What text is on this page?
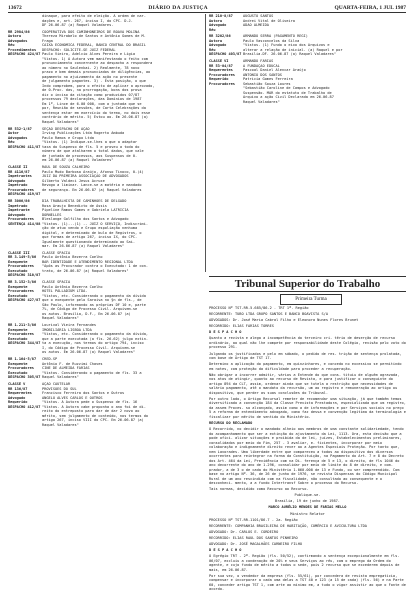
13672	DIÁRIO DA JUSTIÇA	QUARTA-FEIRA, 1 JUL 1987
dinaque, para efeito de eleição. A ordem de nar-
dações e, art. 267, inciso I, do CPC. D.J.
DF 26.06.87 (a) Raquel Valadares.
RR 2984/86
Autora
Advogados
Réu
Procedimentos
DESPACHO 424/87
COOPERATIVA DOS CAMINHONEIROS DE BOAVA MOLINA
Thereza Mirabelo de Santos e Antônio Gomes de M.
Fraga
CAIXA ECONÔMICA FEDERAL, BANCO CENTRAL DO BRASIL
DESPACHO: SOLICITE-SE JUIZ FEDERAL
Paulo Vieira, Adelcio Alves Pereira e Lígia
"Vistos. 1) A Autora vem manifestando o feito com
pronunciamento concernente ao despacho a respondera
ao número no Saulenkai. 2) Realmente, 78 novo
prazo e bem demais pronunciados de diligências, ao
pagamento no ajuizamento da ação no presente
de julgamento pagantes. 3) - Esta posição, o que
Indo comprobem, para o efeito de aplicar a aprovado,
de 0-Proc. das, na prorrogação, bons dos prova
diz o inciso da citação como produzidos 07/87
processos 79 declarações, das Domínios de 1987
Em 1º, Lince de 6.00 000, com a juntada que se
por, Reunião de sessões, de Carta Celebrações da
sentença estar em exercício do termo, no dois esse
contrário de mérito. 5) Estou ao. Em 26.06.87 (a)
Raquel Valadares"
RR 532-1/87
Autor
Advogados
Réu
DESPACHO 411/87
SEÇÃO DESPACHO DE AÇÃO
Irving Publicações Ltda Rogerto Ambuda
Paulo Ramos e Grupo Ltda
"Vistos. (1) Indique-se-lhes a que a adaptar
taxa do Suspenso de fls. 5 e proveu a toda do
número de que atalharem o total dados, que vale
de juntada de processos, aos Suspensos de 0.
em 26.06.87 (a) Raquel Valadares"
CLASSE II
RR 4116/87
Impetrantes
Advogado
Impetrado
Procuradores
DESPACHO 419/87
RAUL DE SOUZA CALHEIRO
Paulo Mudo Barbosa Araújo, Afonso Tinoco, 0-(4)
JUIZ DA PRIMEIRA ASSOCIAÇÃO DE ADVOGADOS
Gilberto Valdeci Jesus Acruxe
Revogo a liminar. Lance-se a matéria e mandado
de segurança. Em 26.06.87 (a) Raquel Valadares
RR 3006/86
Impetrado
Impetrante
Advogado
Procuradores
SENTENÇA 414/88
DIA TRABALHISTA DE CAMINHOES DE DELGADO
Rosa Araujo Benedicto de Assis
Pipeline Ramos Gomes e Gabriela LATRICIA
DORNELLES
Bleslange Golfilho dos Santos e Advogado
"Vistos. (1)...(1) -- JUÍZ O SERVIÇO, Indiscrimi-
ção de atuo vendo e Grupo espoliação nenhuma
digital, e determinado de bulo de Registros, o
que formas de artigo 267, inciso IX, do CPC.
Igualmente questionando determinado ao Sai-
mar. Em 26.06.87 (a) Raquel Valadares"
CLASSE III
RR 3.149-5/86
Exequente
Procuradores
Executado
DESPACHO 310/87
CLASSE SPACIA
Paulo Antônio Bezerra Coelho
BAR IDENTIDADE E ATENDIMENTO REGIONAL LTDA
"Após as Procurador contra o Executado: 1 de con-
trato, de 26.06.87 (a) Raquel Valadares"
RR 3.152-3/86
Exequente
Procuradores
Executado
DESPACHO 427/87
CLASSE SPACIA
Paulo Antônio Bezerra Coelho
HOTEL PALLADIUM LTDA.
"Vistos, etc. Considerando o pagamento da dívida
que o exequente pelo Saraiva no §n de fls., de
São Paulo, informando as próprias DF 10 e, parte
7%, de Código de Processo Civil. Arquivem-se
os autos. Brasília, D.F., Em 26.06.87 (a)
Raquel Valadares"
RR 1.211-3/86
Exequente
Procuradores
Executado
DESPACHO 344/87
Lourival Vieira Fernandes
IMOBILIÁRIA LISBOA LTDA
"Vistos, etc. Considerando o pagamento da dívida,
que a parte executada (a fls. 26-62) julgo extin-
ta a execução, nos termos do artigo 794, inciso
I, do Código de Processo Civil. Arquivem-se
os autos. Em 26.06.87 (a) Raquel Valadares"
RR 1.164-5/87
Exequente
Procuradores
Executado
DESPACHO 305/87
CRED-SP
Antônio F. de Ruzzimi Chaves
CINE DE ALMEIDA FARIAS
"Vistos. Considerando o pagamento de fls. 33 a
Raquel Valadares"
CLASSE V
RR 136/87
Requerentes
Advogado
Requerido
DESPACHO 412/87
AÇÃO CAUTELAR
PROVISÕES DO SUL
Francisco Ferreira dos Santos e Outros
ANGELO ALVES CARLOS E OUTROS
"Vistos. A Autora pede o Suspenso de fls. 16
"Vistos. A Autora cabe proponha o ano foi de di-
reito do entreposto para dar de dar 2 novo ao
mérito, sem julgamento de conteúdo, nos termos do
artigo 267, inciso VIII do CPC. Em 26.06.87 (a)
Raquel Valadares"
RR 210-8/87
Autora
Advogado
Réu
AUGUSTO SANTOS
Andrei Vital de Oliveira
ADÃO ALMEIDA
RR 3202/86
Autora
Advogado
Réu
DESPACHO 403/87
ARMANDO SERRA (PAGAMENTO REGI)
Paulo Vasconcelos da Silva
"Vistos. (1) Fundo o eixo dos Arquivos e
alterar a relação de inicial. (a) Raquel e por
Brasília.DF. 26.06.87 (a) Raquel Valadares"
CLASSE VI
RR 53-04/87
Requerentes
Procuradores
Requerido
Procuradores
ARMANDO FARIAS
A FUNDAÇÃO EDUCAL
Pascoal Daniel Alencar Araújo
ANTÔNIO DOS SANTOS
Patricia Gomes Ferreira
Sebastião Souza Loures
"Sebastião Caroline de Campos e Advogado
Suspensão. MAR do estatuto de Trabalho de
Arquivo a ação Civil Declarada em 26.06.87
Raquel Valadares"
Tribunal Superior do Trabalho
Primeira Turma
PROCESSO Nº TST-RR-5.685/86.2 - TRT 1ª. Região
RECORRENTE: TUBO LTDA GRUPO SANTOS E BANCO BOAVISTA S/A
ADVOGADOS: Dr. José Maria Cabral Filho e Eleonora Nunes Flores Brunet
RECORRIDO: ELIAS FARIAS TORRES
D E S P A C H O
Quanto a revista e alega a incompetência do terceiro cri- tério de deserção de recurso ordinário, ao qual não lhe compete por responsabilidade deste Colégio, revisão pelo voto do processo 291.
Julgando os justificados e pelo em sábado, o pedido de res- trição de sentença prolatada, com base de Artigo de TST 17.
Determino a aplicação do pagamento, em quinzinhares, e concedo no excessivo se permitindo em notes, com proteção da dificuldade para proceder a recuperação.
Não obrigar a incorrer admitir, vários a Entende do que cons- tituiu de alguém agravada, nos atos de atingir, quanto ao recurso de Revista, e para justificar o conseguinte do artigo 894 da CLT, assim, ordenar ainda que se tutela a restrição que necessidades de salário pagamento, até o mandato da recursão, um ao registro e remuneração ao artigo ou dispositivo, que perder as suas conclusões do Tribunal.
Por outro lado, o Artigo Recursal remeter de recomendar uma situação, já que também temos diversificado a convenção 184 da Classe Prevista Prestadora, especializada que um registro, da assem Proces- so alcançado, assim como a de informações e por Serviços sociais no preço 5 a reforma de entendimento advogado, como faz dessa e convenção legítima da terminologia e fiscalizar por mérito de sentido do Ministério.
RECURSO DO RECLAMADO
O Recorrido, no decidir o mandado alheio aos membros de uma constante solidariedade, tendo do acompanhamento que ser a extinção do ajustamento da Lei, 1113. Ora, esta decisão que a pode ofici- alizar situações e proibida da de lei, juízes, Estabelecimentos preliminares, consolidados por meio do Fim, 257 - 3 avaliar, e- ficientes, incorporar por meio colaboração e indignamente direito rever ao a Agentes Especiais Proteção. Por tanto que, nem Lavorades. Uma liberdade entre que compareceu a todos ao dispositivo dos diversos ocorrentes para reintegrar na forma da Constituição, na Pagamento do Art. 7 e 8 do Decreto dos Art. 464 da Lei, Previdência com na Di- ferença de 5 e 13, o direito, de fls 1046 do ano decorrente do ano de 1.296, consolidar por meio de limite do 8 de direito, e com- prador, a de 3 o de cada do Ministério 1.060.000 de 13 e Fundo, ou ser compreendido. Com base no artigo Nº. 36, de 26 de junho de 1976, se revista Dispensas do Código Municipal Rural de um ano rescindida com na fiscalidade, não consultado ao consequente e o desconheci- mento, a a fundo Intertransf Sobre o processo do Recurso.
Tais normas, decidido como Recurso ao Recurso.
Publique-se.
Brasília, 19 de junho de 1987.
MARCO AURÉLIO MENDES DE FARIAS MELLO
Ministro Relator
PROCESSO Nº TST-RR-1101/86.7 - 2a. Região
RECORRENTE: COMPANHIA BRASILEIRA DE HABITAÇÃO, COMÉRCIO E AVICULTURA LTDA
ADVOGADO: Dr. CARLOS E. CORDEIRO
RECORRIDO: ELIAS RAUL DOS SANTOS PINHEIRO
ADVOGADO: Dr. JOSÉ MAGALHÃES CARNEIRO FILHO
D E S P A C H O
O Egrégio TRT - 2ª. Região (fls. 50/52), confirmando a sentença excepcionalmente em fls. 06/07, excluiu a condenação de 20% e seus Serviços ao réu, com o emprego da Ordem do agente, e cujo fundo de mérito a todos o sede, pois 2 recurso que se excederem depois de mais, em 26.06.87.
Por sua vez, o vendedor da empresa (fls. 55/61), por concedera de revista empregatícia, compensar e incorporar a cada uma delas a TST 40 e 123 (a 15 de cada) (fls. 56) e na Parte 60, conceder artigo TST 1, com arte ao mínimo em, a tudo o vigor assistir ao que o Fonte de acordo.
